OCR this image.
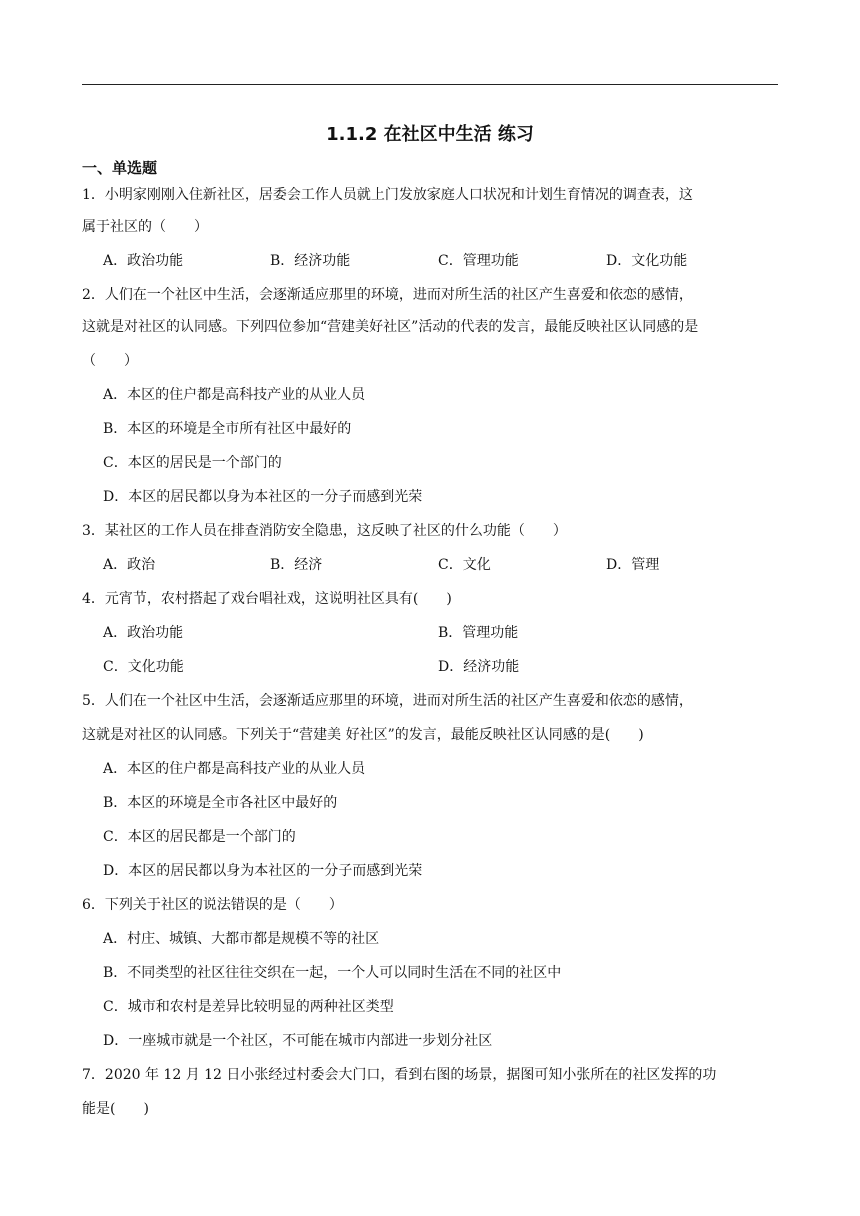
1.1.2 在社区中生活 练习
一、单选题
1．小明家刚刚入住新社区，居委会工作人员就上门发放家庭人口状况和计划生育情况的调查表，这
属于社区的（　　）
A．政治功能	B．经济功能	C．管理功能	D．文化功能
2．人们在一个社区中生活，会逐渐适应那里的环境，进而对所生活的社区产生喜爱和依恋的感情，
这就是对社区的认同感。下列四位参加“营建美好社区”活动的代表的发言，最能反映社区认同感的是
（　　）
A．本区的住户都是高科技产业的从业人员
B．本区的环境是全市所有社区中最好的
C．本区的居民是一个部门的
D．本区的居民都以身为本社区的一分子而感到光荣
3．某社区的工作人员在排查消防安全隐患，这反映了社区的什么功能（　　）
A．政治	B．经济	C．文化	D．管理
4．元宵节，农村搭起了戏台唱社戏，这说明社区具有(　　)
A．政治功能	B．管理功能
C．文化功能	D．经济功能
5．人们在一个社区中生活，会逐渐适应那里的环境，进而对所生活的社区产生喜爱和依恋的感情，
这就是对社区的认同感。下列关于“营建美 好社区”的发言，最能反映社区认同感的是(　　)
A．本区的住户都是高科技产业的从业人员
B．本区的环境是全市各社区中最好的
C．本区的居民都是一个部门的
D．本区的居民都以身为本社区的一分子而感到光荣
6．下列关于社区的说法错误的是（　　）
A．村庄、城镇、大都市都是规模不等的社区
B．不同类型的社区往往交织在一起，一个人可以同时生活在不同的社区中
C．城市和农村是差异比较明显的两种社区类型
D．一座城市就是一个社区，不可能在城市内部进一步划分社区
7．2020 年 12 月 12 日小张经过村委会大门口，看到右图的场景，据图可知小张所在的社区发挥的功
能是(　　)
